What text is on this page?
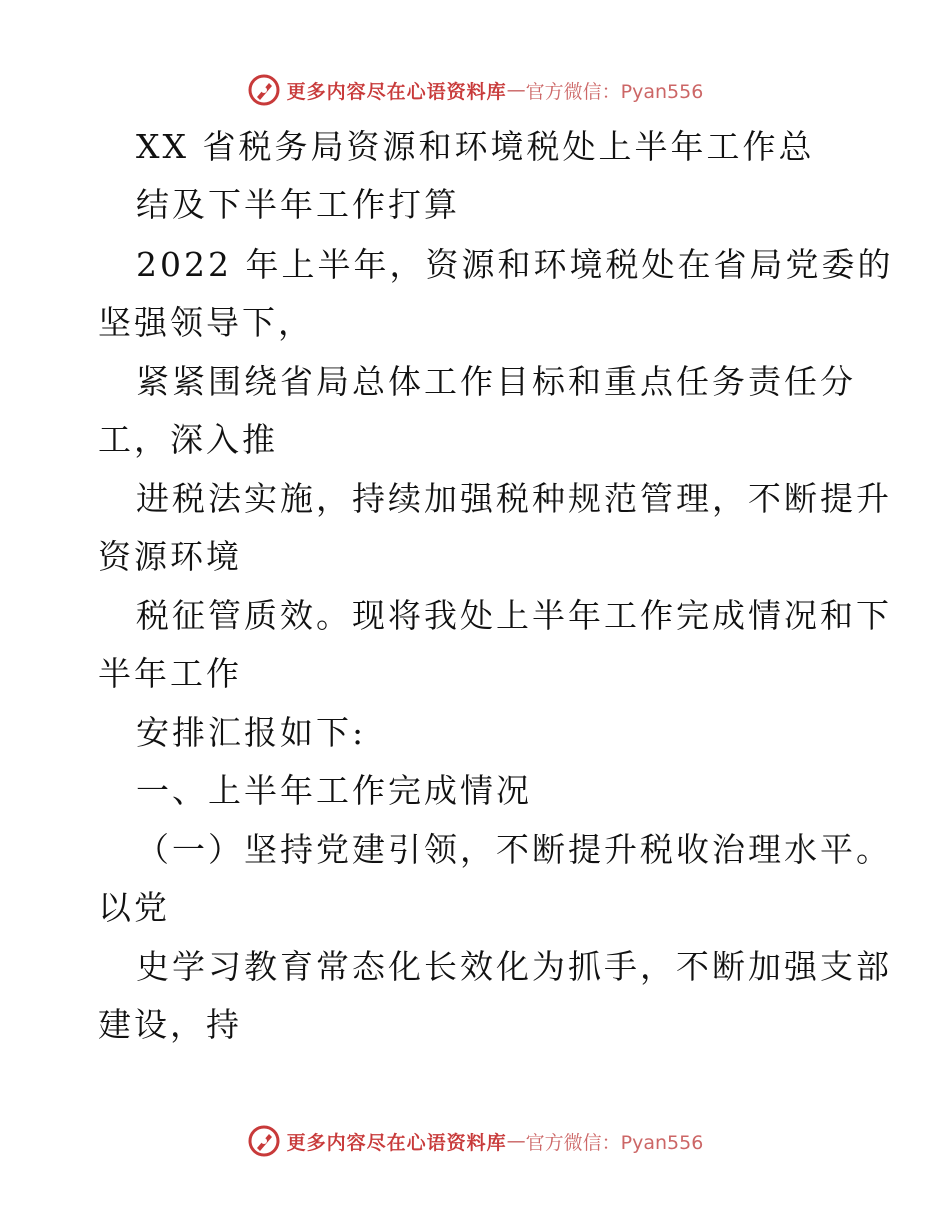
更多内容尽在心语资料库 — 官方微信：Pyan556
XX 省税务局资源和环境税处上半年工作总
结及下半年工作打算
2022 年上半年，资源和环境税处在省局党委的
坚强领导下，
紧紧围绕省局总体工作目标和重点任务责任分
工，深入推
进税法实施，持续加强税种规范管理，不断提升
资源环境
税征管质效。现将我处上半年工作完成情况和下
半年工作
安排汇报如下:
一、上半年工作完成情况
（一）坚持党建引领，不断提升税收治理水平。
以党
史学习教育常态化长效化为抓手，不断加强支部
建设，持
更多内容尽在心语资料库 — 官方微信：Pyan556
